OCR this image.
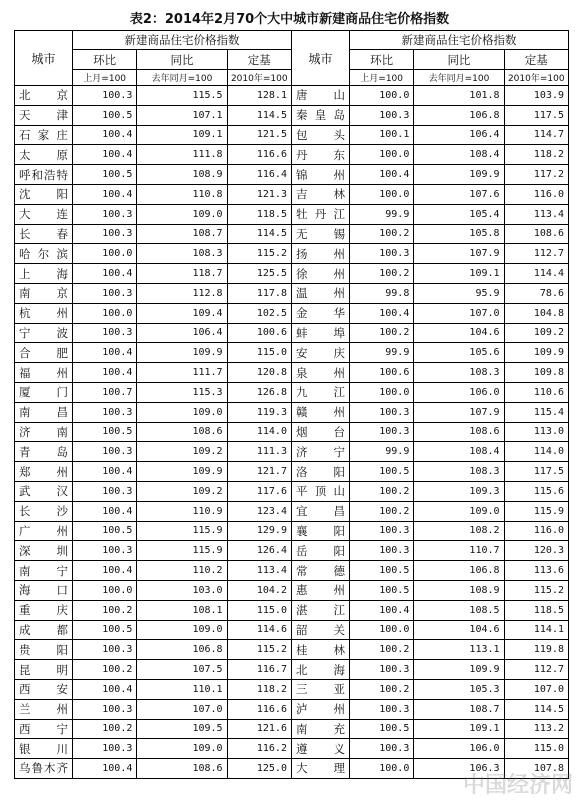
表2：2014年2月70个大中城市新建商品住宅价格指数
城市	新建商品住宅价格指数			城市	新建商品住宅价格指数		
	环比	同比	定基		环比	同比	定基
	上月=100	去年同月=100	2010年=100		上月=100	去年同月=100	2010年=100

北京	100.3	115.5	128.1	唐山	100.0	101.8	103.9

天津	100.5	107.1	114.5	秦皇岛	100.3	106.8	117.5

石家庄	100.4	109.1	121.5	包头	100.1	106.4	114.7

太原	100.4	111.8	116.6	丹东	100.0	108.4	118.2

呼和浩特	100.5	108.9	116.4	锦州	100.4	109.9	117.2

沈阳	100.4	110.8	121.3	吉林	100.0	107.6	116.0

大连	100.3	109.0	118.5	牡丹江	99.9	105.4	113.4

长春	100.3	108.7	114.5	无锡	100.2	105.8	108.6

哈尔滨	100.0	108.3	115.2	扬州	100.3	107.9	112.7

上海	100.4	118.7	125.5	徐州	100.2	109.1	114.4

南京	100.3	112.8	117.8	温州	99.8	95.9	78.6

杭州	100.0	109.4	102.5	金华	100.4	107.0	104.8

宁波	100.3	106.4	100.6	蚌埠	100.2	104.6	109.2

合肥	100.4	109.9	115.0	安庆	99.9	105.6	109.9

福州	100.4	111.7	120.8	泉州	100.6	108.3	109.8

厦门	100.7	115.3	126.8	九江	100.0	106.0	110.6

南昌	100.3	109.0	119.3	赣州	100.3	107.9	115.4

济南	100.5	108.6	114.0	烟台	100.3	108.6	113.0

青岛	100.3	109.2	111.3	济宁	99.9	108.4	114.0

郑州	100.4	109.9	121.7	洛阳	100.5	108.3	117.5

武汉	100.3	109.2	117.6	平顶山	100.2	109.3	115.6

长沙	100.4	110.9	123.4	宜昌	100.2	109.0	115.9

广州	100.5	115.9	129.9	襄阳	100.3	108.2	116.0

深圳	100.3	115.9	126.4	岳阳	100.3	110.7	120.3

南宁	100.4	110.2	113.4	常德	100.5	106.8	113.6

海口	100.0	103.0	104.2	惠州	100.5	108.9	115.2

重庆	100.2	108.1	115.0	湛江	100.4	108.5	118.5

成都	100.5	109.0	114.6	韶关	100.0	104.6	114.1

贵阳	100.3	106.8	115.2	桂林	100.2	113.1	119.8

昆明	100.2	107.5	116.7	北海	100.3	109.9	112.7

西安	100.4	110.1	118.2	三亚	100.2	105.3	107.0

兰州	100.3	107.0	116.6	泸州	100.3	108.7	114.5

西宁	100.2	109.5	121.6	南充	100.5	109.1	113.2

银川	100.3	109.0	116.2	遵义	100.3	106.0	115.0

乌鲁木齐	100.4	108.6	125.0	大理	100.0	106.3	107.8
中国经济网
